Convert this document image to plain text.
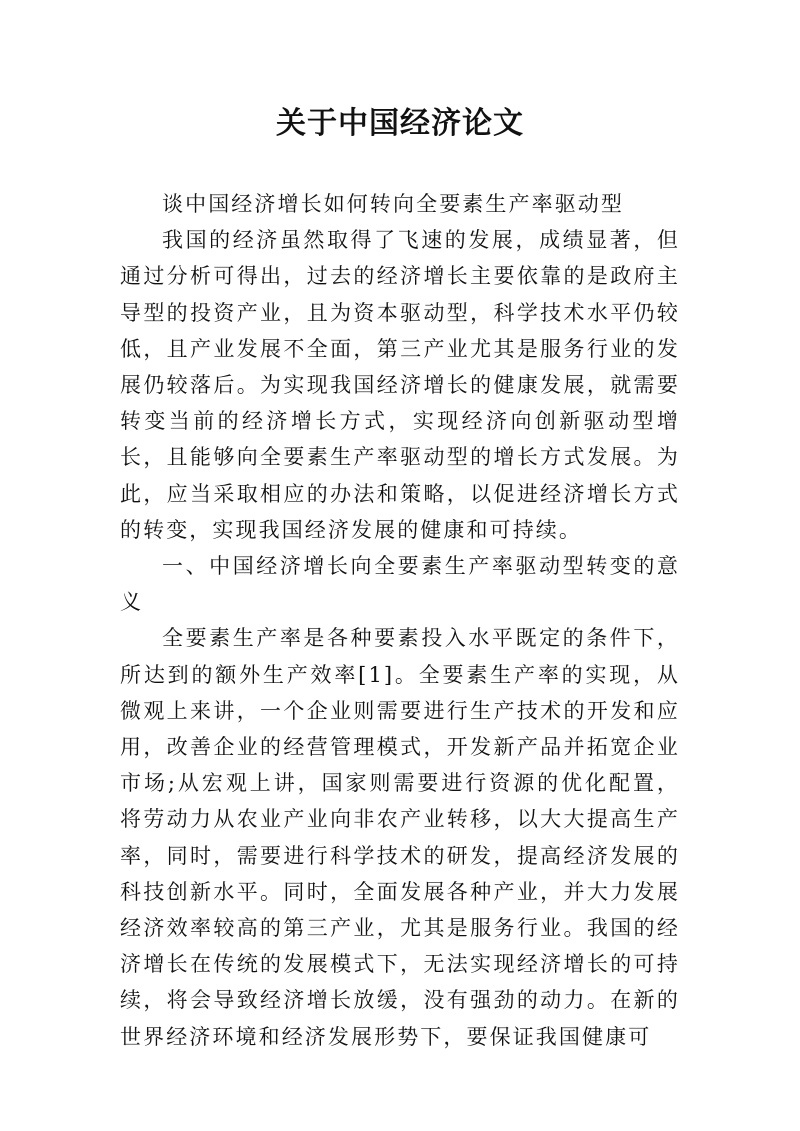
关于中国经济论文

谈中国经济增长如何转向全要素生产率驱动型

我国的经济虽然取得了飞速的发展，成绩显著，但通过分析可得出，过去的经济增长主要依靠的是政府主导型的投资产业，且为资本驱动型，科学技术水平仍较低，且产业发展不全面，第三产业尤其是服务行业的发展仍较落后。为实现我国经济增长的健康发展，就需要转变当前的经济增长方式，实现经济向创新驱动型增长，且能够向全要素生产率驱动型的增长方式发展。为此，应当采取相应的办法和策略，以促进经济增长方式的转变，实现我国经济发展的健康和可持续。

一、中国经济增长向全要素生产率驱动型转变的意义

全要素生产率是各种要素投入水平既定的条件下，所达到的额外生产效率[1]。全要素生产率的实现，从微观上来讲，一个企业则需要进行生产技术的开发和应用，改善企业的经营管理模式，开发新产品并拓宽企业市场;从宏观上讲，国家则需要进行资源的优化配置，将劳动力从农业产业向非农产业转移，以大大提高生产率，同时，需要进行科学技术的研发，提高经济发展的科技创新水平。同时，全面发展各种产业，并大力发展经济效率较高的第三产业，尤其是服务行业。我国的经济增长在传统的发展模式下，无法实现经济增长的可持续，将会导致经济增长放缓，没有强劲的动力。在新的世界经济环境和经济发展形势下，要保证我国健康可
